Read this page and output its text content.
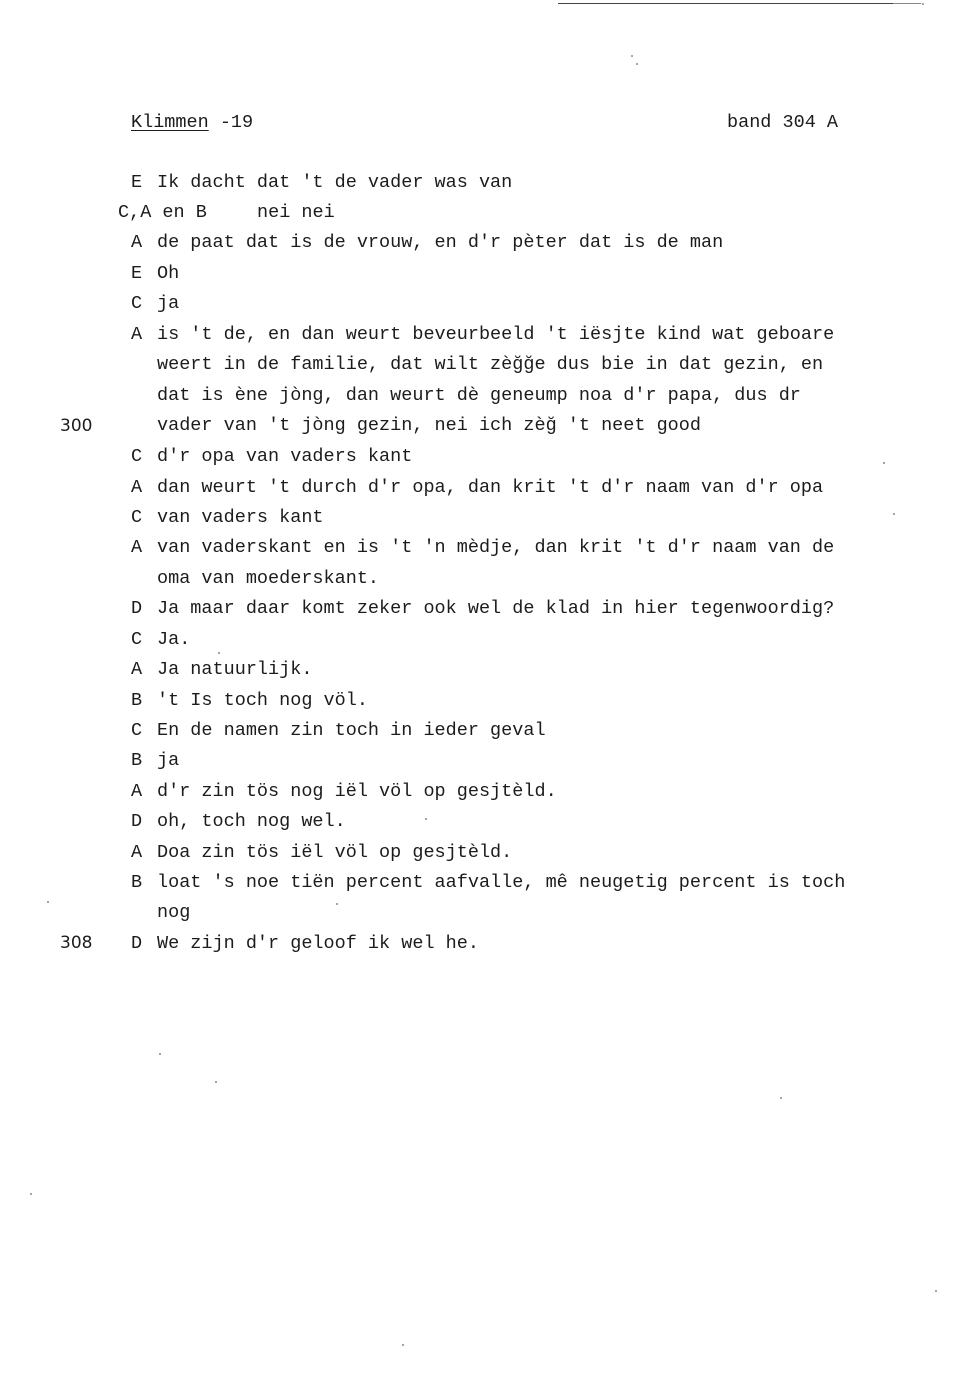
Klimmen -19	band 304 A
E Ik dacht dat 't de vader was van
C,A en B	nei nei
A de paat dat is de vrouw, en d'r pèter dat is de man
E Oh
C ja
A is 't de, en dan weurt beveurbeeld 't iësjte kind wat geboare
weert in de familie, dat wilt zèğğe dus bie in dat gezin, en
dat is ène jòng, dan weurt dè geneump noa d'r papa, dus dr
300	vader van 't jòng gezin, nei ich zèğ 't neet good
C d'r opa van vaders kant
A dan weurt 't durch d'r opa, dan krit 't d'r naam van d'r opa
C van vaders kant
A van vaderskant en is 't 'n mèdje, dan krit 't d'r naam van de
oma van moederskant.
D Ja maar daar komt zeker ook wel de klad in hier tegenwoordig?
C Ja.
A Ja natuurlijk.
B 't Is toch nog völ.
C En de namen zin toch in ieder geval
B ja
A d'r zin tös nog iël völ op gesjtèld.
D oh, toch nog wel.
A Doa zin tös iël völ op gesjtèld.
B loat 's noe tiën percent aafvalle, mê neugetig percent is toch
nog
308 D We zijn d'r geloof ik wel he.
